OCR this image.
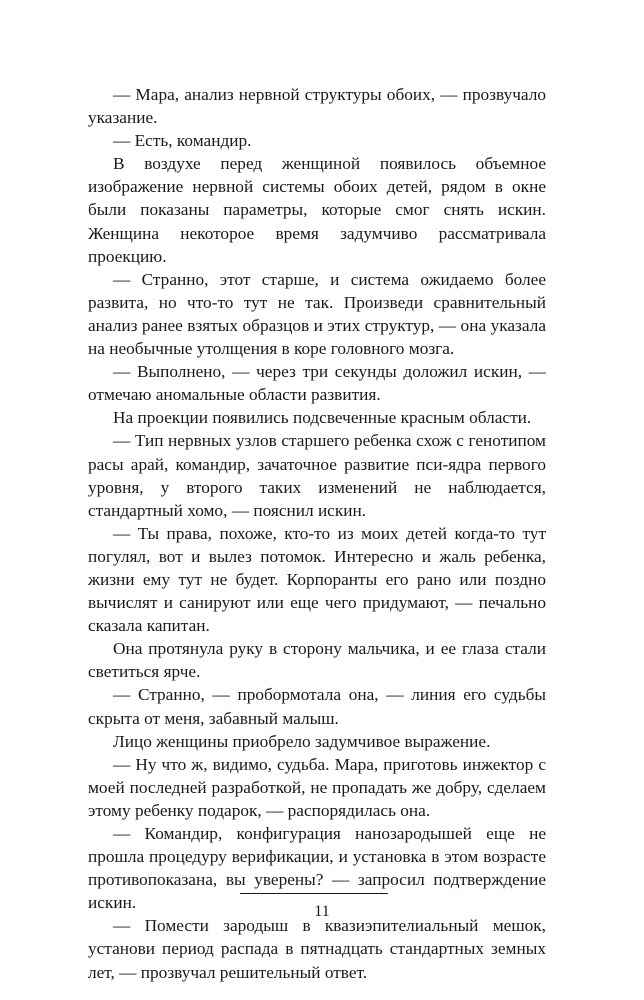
— Мара, анализ нервной структуры обоих, — прозвучало указание.

— Есть, командир.

В воздухе перед женщиной появилось объемное изображение нервной системы обоих детей, рядом в окне были показаны параметры, которые смог снять искин. Женщина некоторое время задумчиво рассматривала проекцию.

— Странно, этот старше, и система ожидаемо более развита, но что-то тут не так. Произведи сравнительный анализ ранее взятых образцов и этих структур, — она указала на необычные утолщения в коре головного мозга.

— Выполнено, — через три секунды доложил искин, — отмечаю аномальные области развития.

На проекции появились подсвеченные красным области.

— Тип нервных узлов старшего ребенка схож с генотипом расы арай, командир, зачаточное развитие пси-ядра первого уровня, у второго таких изменений не наблюдается, стандартный хомо, — пояснил искин.

— Ты права, похоже, кто-то из моих детей когда-то тут погулял, вот и вылез потомок. Интересно и жаль ребенка, жизни ему тут не будет. Корпоранты его рано или поздно вычислят и санируют или еще чего придумают, — печально сказала капитан.

Она протянула руку в сторону мальчика, и ее глаза стали светиться ярче.

— Странно, — пробормотала она, — линия его судьбы скрыта от меня, забавный малыш.

Лицо женщины приобрело задумчивое выражение.

— Ну что ж, видимо, судьба. Мара, приготовь инжектор с моей последней разработкой, не пропадать же добру, сделаем этому ребенку подарок, — распорядилась она.

— Командир, конфигурация нанозародышей еще не прошла процедуру верификации, и установка в этом возрасте противопоказана, вы уверены? — запросил подтверждение искин.

— Помести зародыш в квазиэпителиальный мешок, установи период распада в пятнадцать стандартных земных лет, — прозвучал решительный ответ.

11
